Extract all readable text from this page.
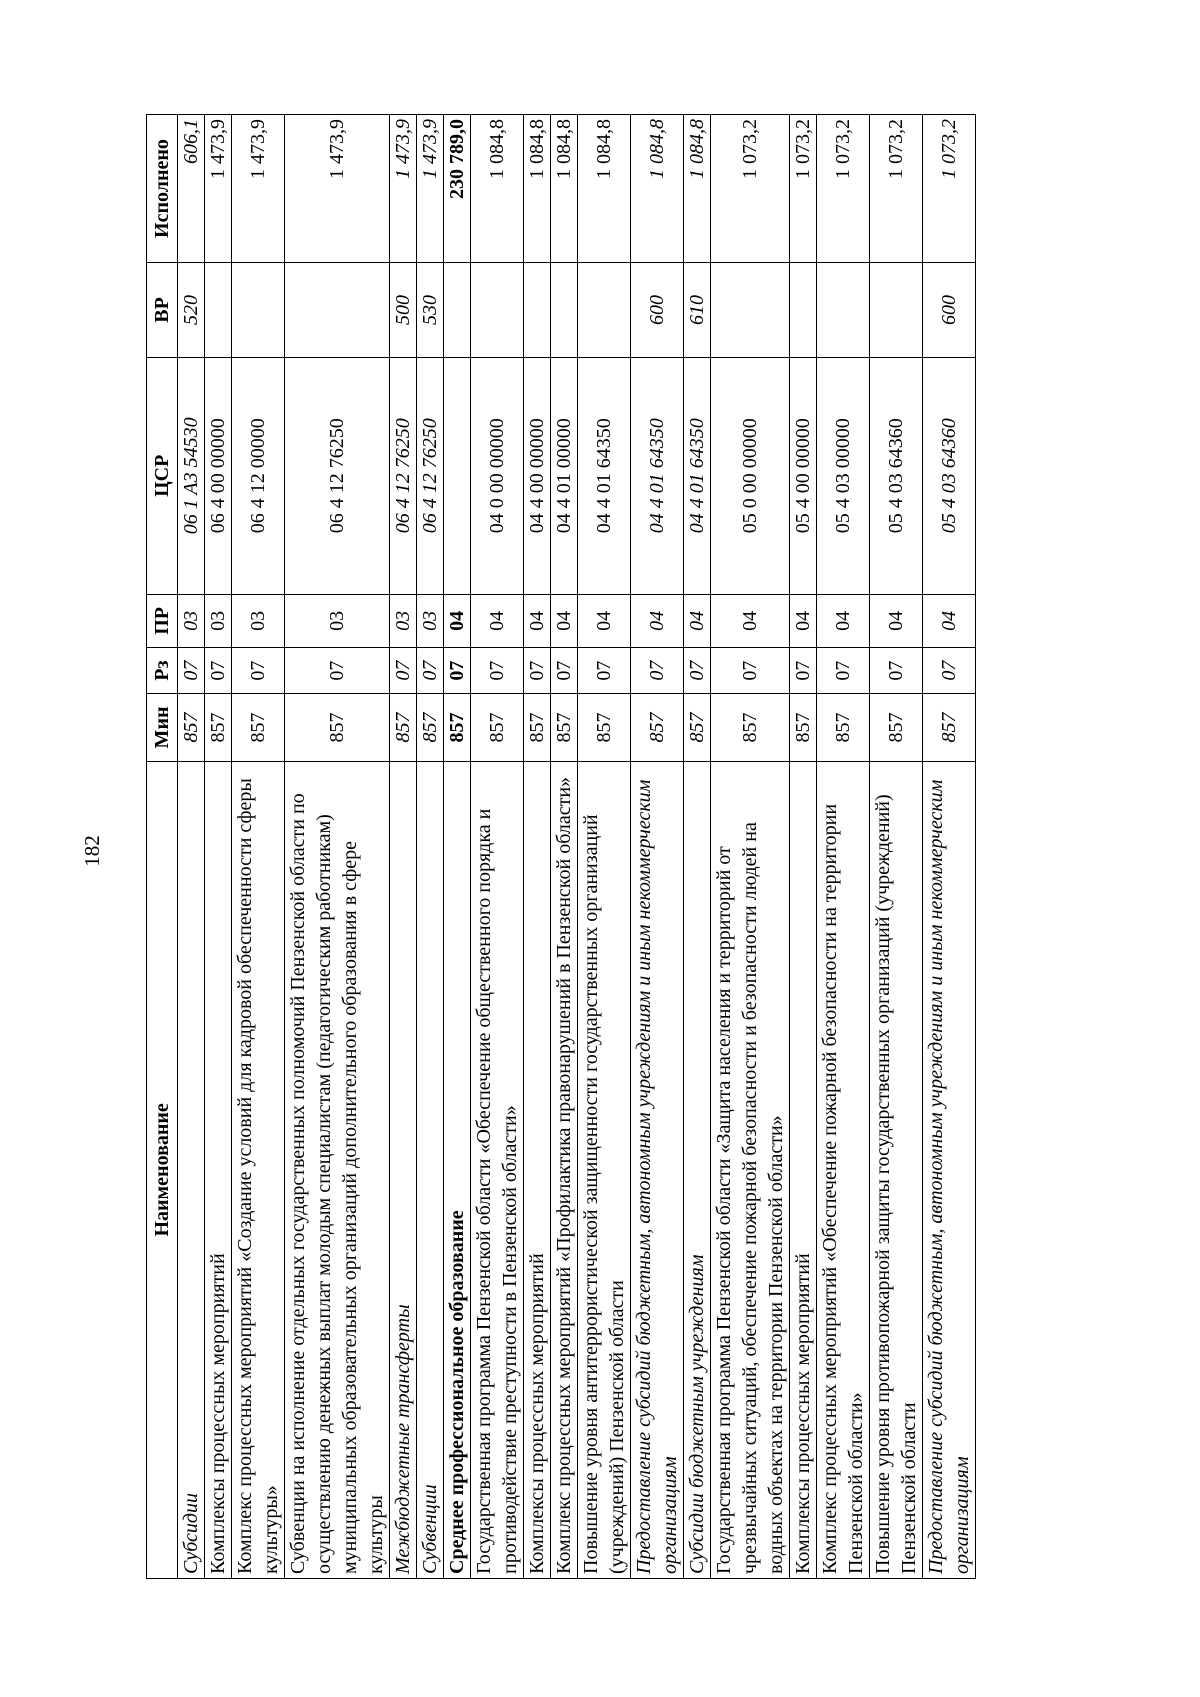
182
Наименование	Мин	Рз	ПР	ЦСР	ВР	Исполнено
Субсидии	857	07	03	06 1 A3 54530	520	606,1
Комплексы процессных мероприятий	857	07	03	06 4 00 00000		1 473,9
Комплекс процессных мероприятий «Создание условий для кадровой обеспеченности сферы культуры»	857	07	03	06 4 12 00000		1 473,9
Субвенции на исполнение отдельных государственных полномочий Пензенской области по осуществлению денежных выплат молодым специалистам (педагогическим работникам) муниципальных образовательных организаций дополнительного образования в сфере культуры	857	07	03	06 4 12 76250		1 473,9
Межбюджетные трансферты	857	07	03	06 4 12 76250	500	1 473,9
Субвенции	857	07	03	06 4 12 76250	530	1 473,9
Среднее профессиональное образование	857	07	04			230 789,0
Государственная программа Пензенской области «Обеспечение общественного порядка и противодействие преступности в Пензенской области»	857	07	04	04 0 00 00000		1 084,8
Комплексы процессных мероприятий	857	07	04	04 4 00 00000		1 084,8
Комплекс процессных мероприятий «Профилактика правонарушений в Пензенской области»	857	07	04	04 4 01 00000		1 084,8
Повышение уровня антитеррористической защищенности государственных организаций (учреждений) Пензенской области	857	07	04	04 4 01 64350		1 084,8
Предоставление субсидий бюджетным, автономным учреждениям и иным некоммерческим организациям	857	07	04	04 4 01 64350	600	1 084,8
Субсидии бюджетным учреждениям	857	07	04	04 4 01 64350	610	1 084,8
Государственная программа Пензенской области «Защита населения и территорий от чрезвычайных ситуаций, обеспечение пожарной безопасности и безопасности людей на водных объектах на территории Пензенской области»	857	07	04	05 0 00 00000		1 073,2
Комплексы процессных мероприятий	857	07	04	05 4 00 00000		1 073,2
Комплекс процессных мероприятий «Обеспечение пожарной безопасности на территории Пензенской области»	857	07	04	05 4 03 00000		1 073,2
Повышение уровня противопожарной защиты государственных организаций (учреждений) Пензенской области	857	07	04	05 4 03 64360		1 073,2
Предоставление субсидий бюджетным, автономным учреждениям и иным некоммерческим организациям	857	07	04	05 4 03 64360	600	1 073,2
